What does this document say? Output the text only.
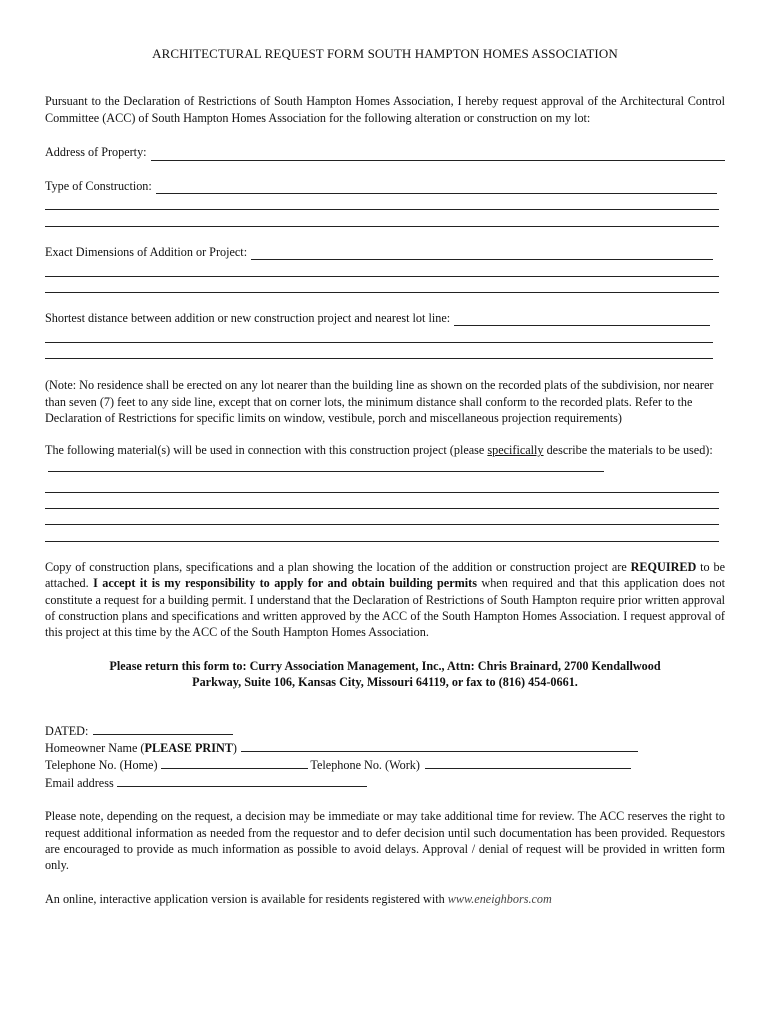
ARCHITECTURAL REQUEST FORM SOUTH HAMPTON HOMES ASSOCIATION

Pursuant to the Declaration of Restrictions of South Hampton Homes Association, I hereby request approval of the Architectural Control Committee (ACC) of South Hampton Homes Association for the following alteration or construction on my lot:

Address of Property:
Type of Construction:
Exact Dimensions of Addition or Project:
Shortest distance between addition or new construction project and nearest lot line:

(Note: No residence shall be erected on any lot nearer than the building line as shown on the recorded plats of the subdivision, nor nearer than seven (7) feet to any side line, except that on corner lots, the minimum distance shall conform to the recorded plats. Refer to the Declaration of Restrictions for specific limits on window, vestibule, porch and miscellaneous projection requirements)

The following material(s) will be used in connection with this construction project (please specifically describe the materials to be used):

Copy of construction plans, specifications and a plan showing the location of the addition or construction project are REQUIRED to be attached. I accept it is my responsibility to apply for and obtain building permits when required and that this application does not constitute a request for a building permit. I understand that the Declaration of Restrictions of South Hampton require prior written approval of construction plans and specifications and written approved by the ACC of the South Hampton Homes Association. I request approval of this project at this time by the ACC of the South Hampton Homes Association.

Please return this form to: Curry Association Management, Inc., Attn: Chris Brainard, 2700 Kendallwood
Parkway, Suite 106, Kansas City, Missouri 64119, or fax to (816) 454-0661.
DATED:
Homeowner Name (PLEASE PRINT)
Telephone No. (Home)	Telephone No. (Work)
Email address

Please note, depending on the request, a decision may be immediate or may take additional time for review. The ACC reserves the right to request additional information as needed from the requestor and to defer decision until such documentation has been provided. Requestors are encouraged to provide as much information as possible to avoid delays. Approval / denial of request will be provided in written form only.

An online, interactive application version is available for residents registered with www.eneighbors.com
